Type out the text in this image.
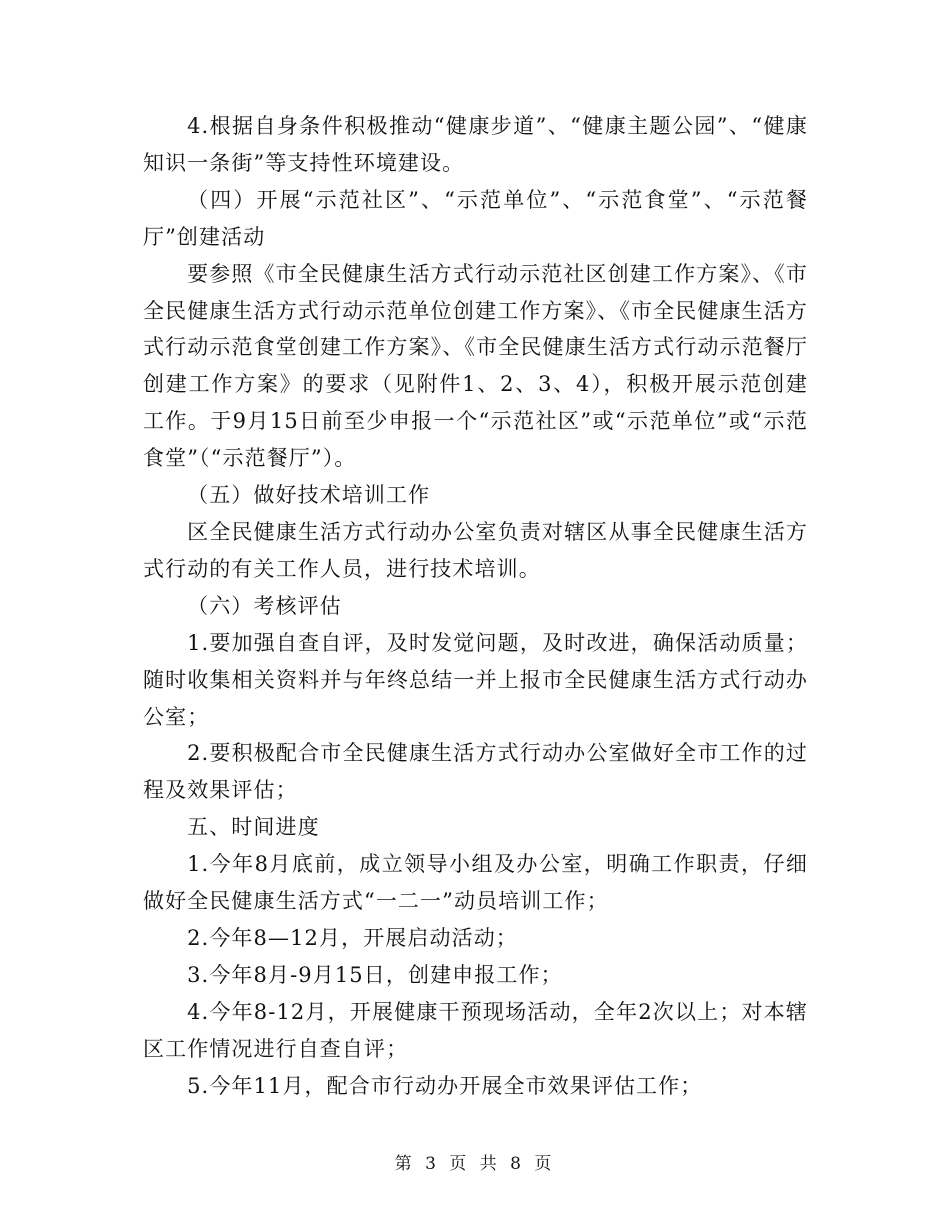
4.根据自身条件积极推动“健康步道”、“健康主题公园”、“健康知识一条街”等支持性环境建设。

（四）开展“示范社区”、“示范单位”、“示范食堂”、“示范餐厅”创建活动

要参照《市全民健康生活方式行动示范社区创建工作方案》、《市全民健康生活方式行动示范单位创建工作方案》、《市全民健康生活方式行动示范食堂创建工作方案》、《市全民健康生活方式行动示范餐厅创建工作方案》的要求（见附件1、2、3、4），积极开展示范创建工作。于9月15日前至少申报一个“示范社区”或“示范单位”或“示范食堂”（“示范餐厅”）。

（五）做好技术培训工作

区全民健康生活方式行动办公室负责对辖区从事全民健康生活方式行动的有关工作人员，进行技术培训。

（六）考核评估

1.要加强自查自评，及时发觉问题，及时改进，确保活动质量；随时收集相关资料并与年终总结一并上报市全民健康生活方式行动办公室；

2.要积极配合市全民健康生活方式行动办公室做好全市工作的过程及效果评估；

五、时间进度

1.今年8月底前，成立领导小组及办公室，明确工作职责，仔细做好全民健康生活方式“一二一”动员培训工作；

2.今年8—12月，开展启动活动；

3.今年8月-9月15日，创建申报工作；

4.今年8-12月，开展健康干预现场活动，全年2次以上；对本辖区工作情况进行自查自评；

5.今年11月，配合市行动办开展全市效果评估工作；

第 3 页 共 8 页
